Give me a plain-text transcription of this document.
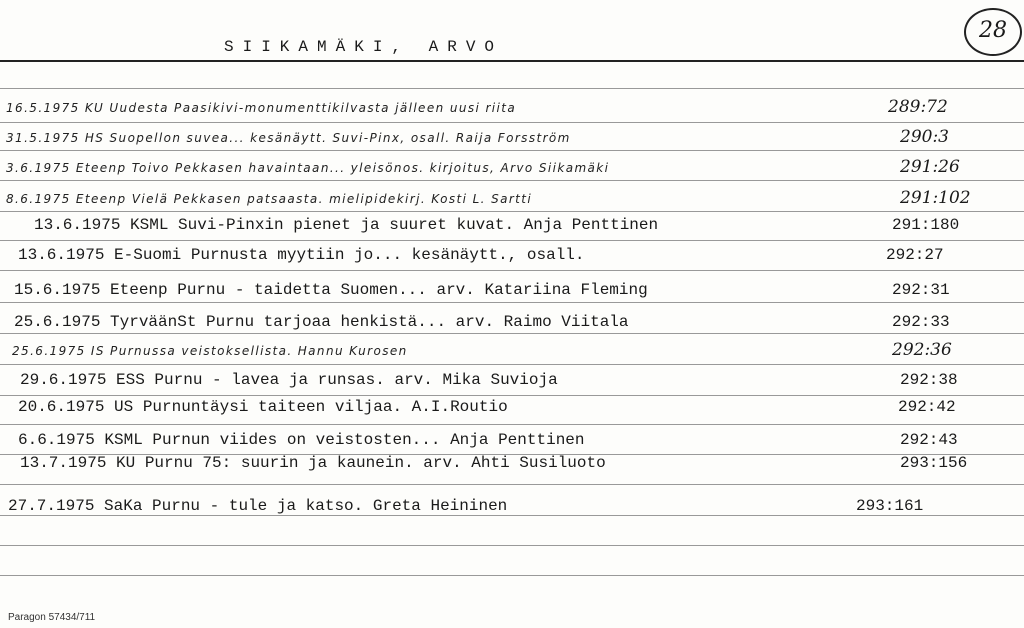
28
SIIKAMÄKI, ARVO
16.5.1975 KU Uudesta Paasikivi-monumenttikilvasta jälleen uusi riita	289:72
31.5.1975 HS Suopellon suvea... kesänäytt. Suvi-Pinx, osall. Raija Forsström	290:3
3.6.1975 Eteenp Toivo Pekkasen havaintaan... yleisönos. kirjoitus, Arvo Siikamäki	291:26
8.6.1975 Eteenp Vielä Pekkasen patsaasta. mielipidekirj. Kosti L. Sartti	291:102
13.6.1975 KSML Suvi-Pinxin pienet ja suuret kuvat. Anja Penttinen	291:180
13.6.1975 E-Suomi Purnusta myytiin jo... kesänäytt., osall.	292:27
15.6.1975 Eteenp Purnu - taidetta Suomen... arv. Katariina Fleming	292:31
25.6.1975 TyrväänSt Purnu tarjoaa henkistä... arv. Raimo Viitala	292:33
25.6.1975 IS Purnussa veistoksellista. Hannu Kurosen	292:36
29.6.1975 ESS Purnu - lavea ja runsas. arv. Mika Suvioja	292:38
20.6.1975 US Purnuntäysi taiteen viljaa. A.I.Routio	292:42
6.6.1975 KSML Purnun viides on veistosten... Anja Penttinen	292:43
13.7.1975 KU Purnu 75: suurin ja kaunein. arv. Ahti Susiluoto	293:156
27.7.1975 SaKa Purnu - tule ja katso. Greta Heininen	293:161
Paragon 57434/711
